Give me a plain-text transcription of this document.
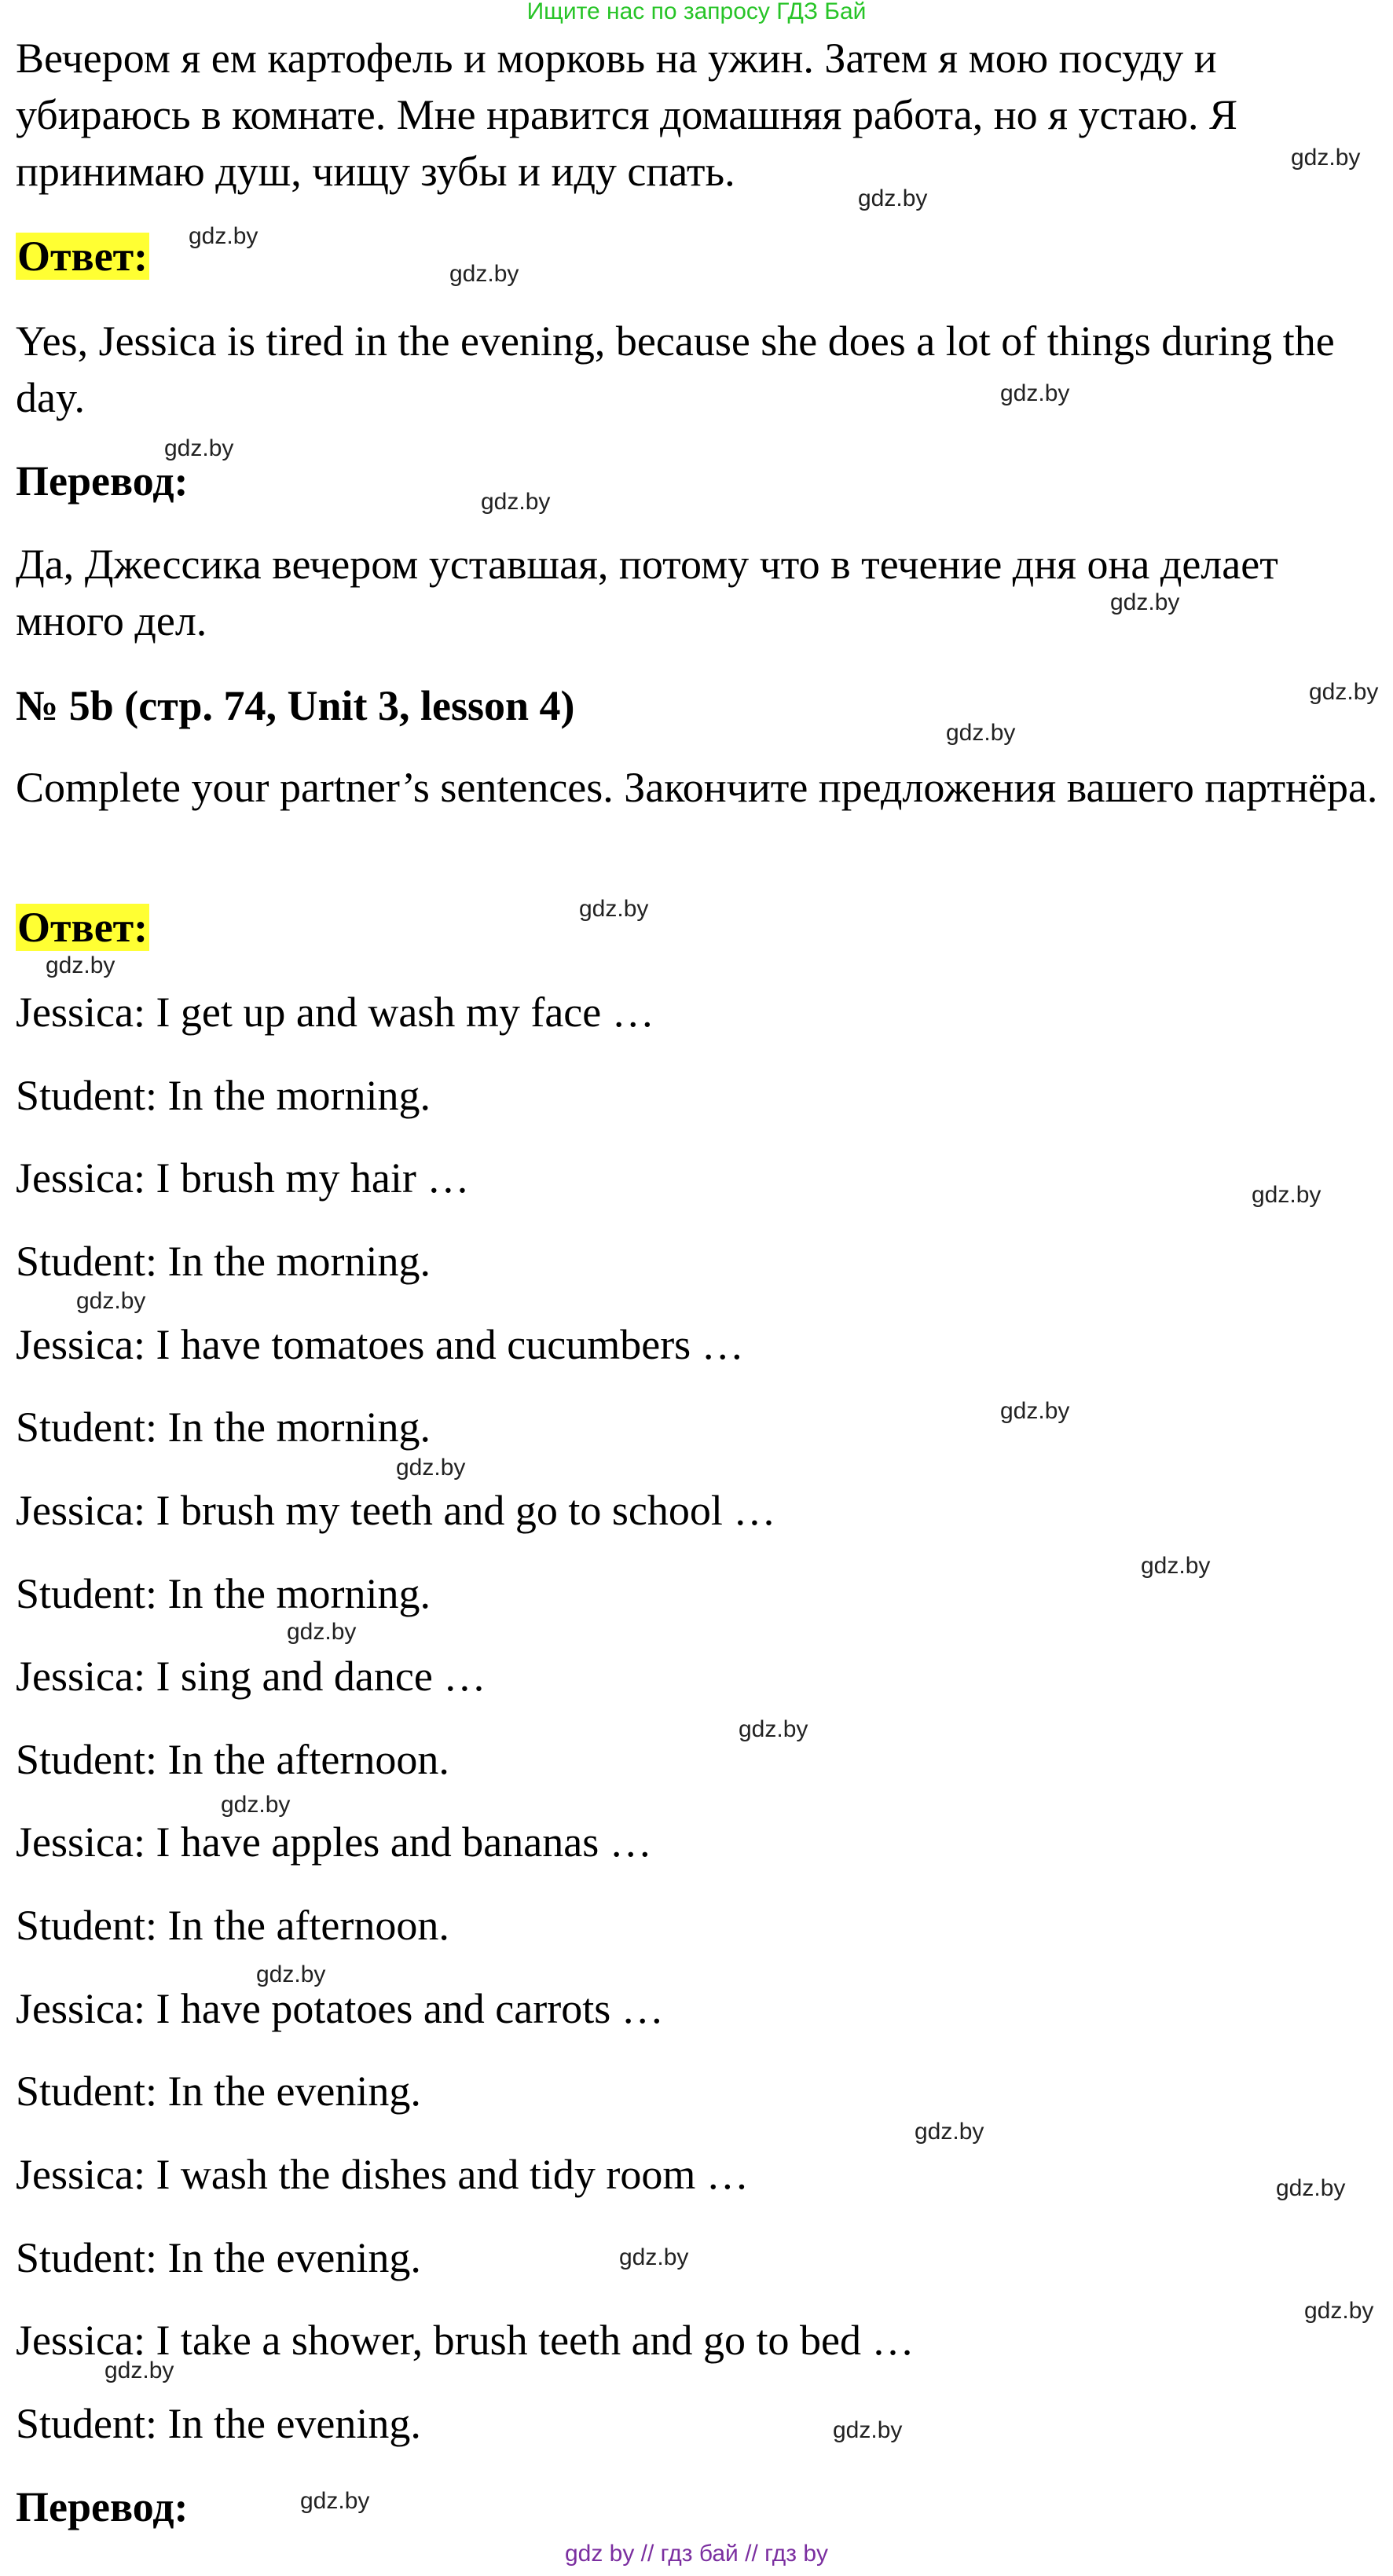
Ищите нас по запросу ГДЗ Бай

Вечером я ем картофель и морковь на ужин. Затем я мою посуду и убираюсь в комнате. Мне нравится домашняя работа, но я устаю. Я принимаю душ, чищу зубы и иду спать.

Ответ:

Yes, Jessica is tired in the evening, because she does a lot of things during the day.

Перевод:

Да, Джессика вечером уставшая, потому что в течение дня она делает много дел.

№ 5b (стр. 74, Unit 3, lesson 4)

Complete your partner’s sentences. Закончите предложения вашего партнёра.

Ответ:

Jessica: I get up and wash my face …

Student: In the morning.

Jessica: I brush my hair …

Student: In the morning.

Jessica: I have tomatoes and cucumbers …

Student: In the morning.

Jessica: I brush my teeth and go to school …

Student: In the morning.

Jessica: I sing and dance …

Student: In the afternoon.

Jessica: I have apples and bananas …

Student: In the afternoon.

Jessica: I have potatoes and carrots …

Student: In the evening.

Jessica: I wash the dishes and tidy room …

Student: In the evening.

Jessica: I take a shower, brush teeth and go to bed …

Student: In the evening.

Перевод:

gdz.by
gdz.by
gdz.by
gdz.by
gdz.by
gdz.by
gdz.by
gdz.by
gdz.by
gdz.by
gdz.by
gdz.by
gdz.by
gdz.by
gdz.by
gdz.by
gdz.by
gdz.by
gdz.by
gdz.by
gdz.by
gdz.by
gdz.by
gdz.by
gdz.by
gdz.by
gdz.by
gdz.by
gdz by // гдз бай // гдз by
